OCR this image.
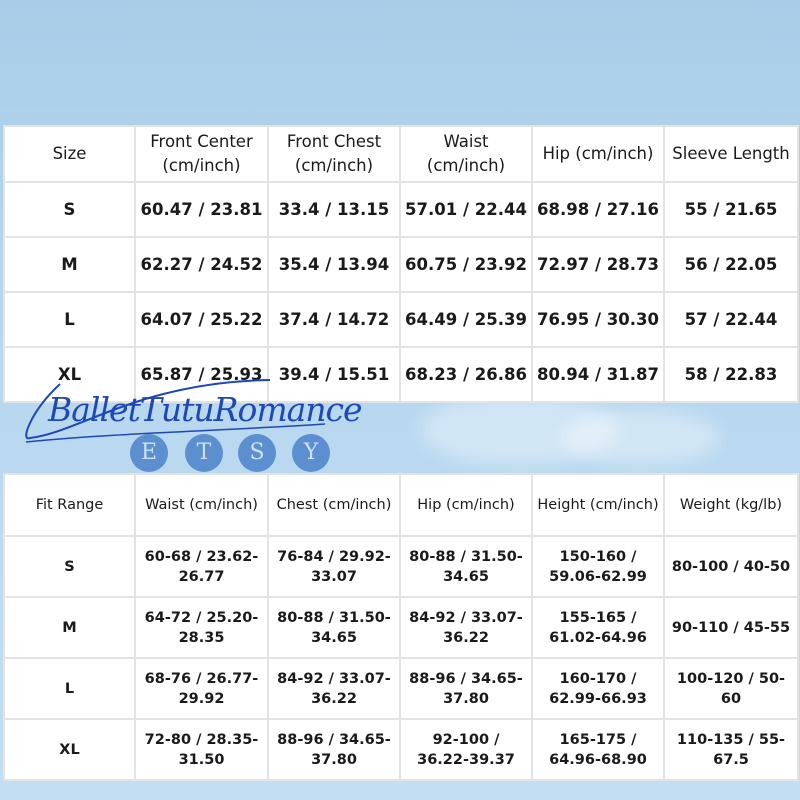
Size	Front Center (cm/inch)	Front Chest (cm/inch)	Waist (cm/inch)	Hip (cm/inch)	Sleeve Length
S	60.47 / 23.81	33.4 / 13.15	57.01 / 22.44	68.98 / 27.16	55 / 21.65
M	62.27 / 24.52	35.4 / 13.94	60.75 / 23.92	72.97 / 28.73	56 / 22.05
L	64.07 / 25.22	37.4 / 14.72	64.49 / 25.39	76.95 / 30.30	57 / 22.44
XL	65.87 / 25.93	39.4 / 15.51	68.23 / 26.86	80.94 / 31.87	58 / 22.83
Fit Range	Waist (cm/inch)	Chest (cm/inch)	Hip (cm/inch)	Height (cm/inch)	Weight (kg/lb)
S	60-68 / 23.62-26.77	76-84 / 29.92-33.07	80-88 / 31.50-34.65	150-160 / 59.06-62.99	80-100 / 40-50
M	64-72 / 25.20-28.35	80-88 / 31.50-34.65	84-92 / 33.07-36.22	155-165 / 61.02-64.96	90-110 / 45-55
L	68-76 / 26.77-29.92	84-92 / 33.07-36.22	88-96 / 34.65-37.80	160-170 / 62.99-66.93	100-120 / 50-60
XL	72-80 / 28.35-31.50	88-96 / 34.65-37.80	92-100 / 36.22-39.37	165-175 / 64.96-68.90	110-135 / 55-67.5
BalletTutuRomance
E	T	S	Y
